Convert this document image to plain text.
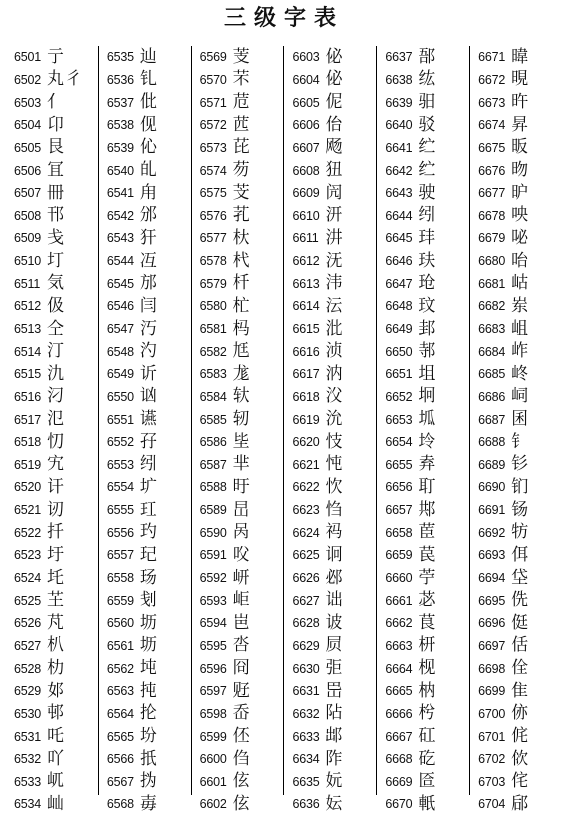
三级字表
6501 亍
6502 丸彳
6503 亻
6504 卬
6505 艮
6506 冝
6507 冊
6508 邗
6509 戋
6510 圢
6511 気
6512 伋
6513 仝
6514 汀
6515 氿
6516 汈
6517 氾
6518 忉
6519 宄
6520 讦
6521 讱
6522 扦
6523 圩
6524 圫
6525 芏
6526 芃
6527 朳
6528 朸
6529 邚
6530 邨
6531 吒
6532 吖
6533 屼
6534 屾
6535 辿
6536 钆
6537 仳
6538 伣
6539 伈
6540 癿
6541 甪
6542 邠
6543 犴
6544 冱
6545 邡
6546 闫
6547 汅
6548 汋
6549 䜣
6550 讻
6551 䜩
6552 孖
6553 纼
6554 圹
6555 玒
6556 玓
6557 玘
6558 玚
6559 刬
6560 坜
6561 坜
6562 坉
6563 扽
6564 抡
6565 坋
6566 扺
6567 㧑
6568 毐
6569 芰
6570 芣
6571 苊
6572 苉
6573 芘
6574 芴
6575 芠
6576 芤
6577 杕
6578 杙
6579 杄
6580 杧
6581 杩
6582 尪
6583 尨
6584 轪
6585 轫
6586 坒
6587 芈
6588 旴
6589 旵
6590 呙
6591 㕮
6592 岍
6593 岠
6594 岜
6595 呇
6596 冏
6597 觃
6598 岙
6599 伾
6600 㑇
6601 伭
6602 伭
6603 佖
6604 佖
6605 伲
6606 佁
6607 飏
6608 狃
6609 闶
6610 汧
6611 汫
6612 𣲘
6613 𣲗
6614 沄
6615 沘
6616 浈
6617 汭
6618 㳇
6619 沇
6620 忮
6621 忳
6622 忺
6623 㤘
6624 祃
6625 诇
6626 邲
6627 诎
6628 诐
6629 屃
6630 弡
6631 岊
6632 阽
6633 䢺
6634 阼
6635 妧
6636 妘
6637 郚
6638 纮
6639 驲
6640 驳
6641 纻
6642 纻
6643 驶
6644 纼
6645 玤
6646 玞
6647 玱
6648 玟
6649 邽
6650 邿
6651 坥
6652 坰
6653 坬
6654 坽
6655 弆
6656 耵
6657 䢼
6658 茞
6659 苠
6660 苧
6661 苾
6662 茛
6663 枅
6664 枧
6665 枘
6666 枍
6667 矼
6668 矻
6669 匼
6670 軝
6671 暐
6672 晛
6673 旿
6674 昇
6675 昄
6676 昒
6677 昈
6678 咉
6679 咇
6680 咍
6681 岵
6682 岽
6683 岨
6684 岞
6685 峂
6686 㟃
6687 囷
6688 钅
6689 钐
6690 钔
6691 钖
6692 牥
6693 佴
6694 垈
6695 侁
6696 侹
6697 佸
6698 佺
6699 隹
6700 㑊
6701 侂
6702 佽
6703 侘
6704 郈
